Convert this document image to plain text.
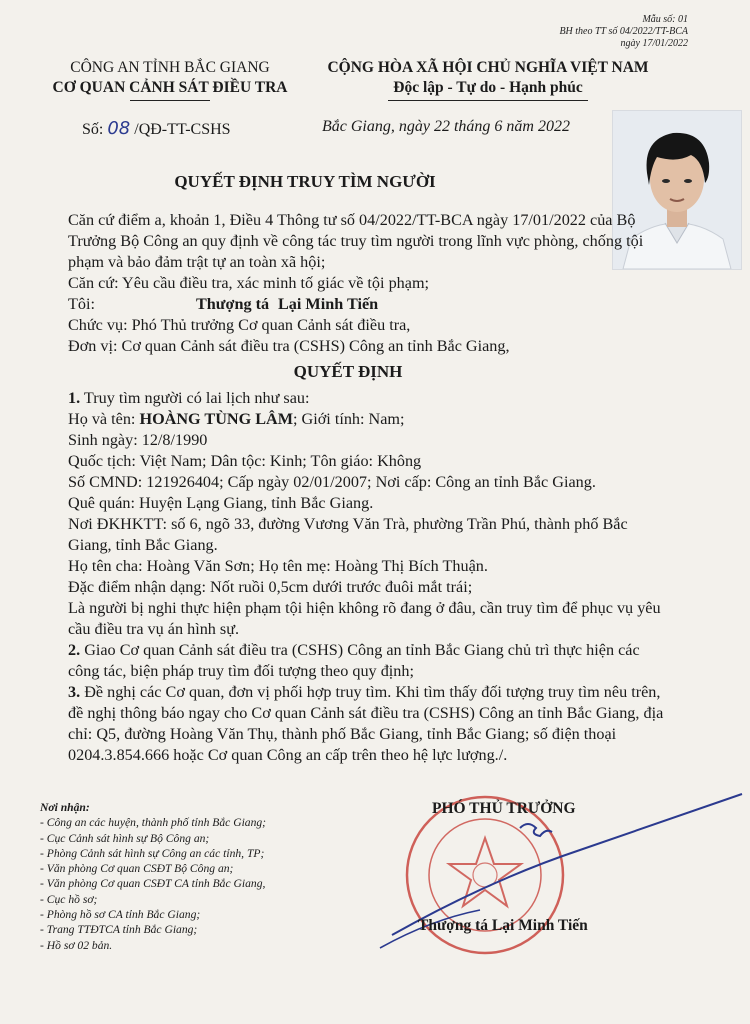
Mẫu số: 01
BH theo TT số 04/2022/TT-BCA
ngày 17/01/2022
CÔNG AN TỈNH BẮC GIANG
CƠ QUAN CẢNH SÁT ĐIỀU TRA
CỘNG HÒA XÃ HỘI CHỦ NGHĨA VIỆT NAM
Độc lập - Tự do - Hạnh phúc
Số: 08 /QĐ-TT-CSHS	Bắc Giang, ngày 22 tháng 6 năm 2022
QUYẾT ĐỊNH TRUY TÌM NGƯỜI

Căn cứ điểm a, khoản 1, Điều 4 Thông tư số 04/2022/TT-BCA ngày 17/01/2022 của Bộ Trưởng Bộ Công an quy định về công tác truy tìm người trong lĩnh vực phòng, chống tội phạm và bảo đảm trật tự an toàn xã hội;

Căn cứ: Yêu cầu điều tra, xác minh tố giác về tội phạm;

Tôi:	Thượng tá Lại Minh Tiến

Chức vụ: Phó Thủ trưởng Cơ quan Cảnh sát điều tra,

Đơn vị: Cơ quan Cảnh sát điều tra (CSHS) Công an tỉnh Bắc Giang,

QUYẾT ĐỊNH

1. Truy tìm người có lai lịch như sau:

Họ và tên: HOÀNG TÙNG LÂM; Giới tính: Nam;

Sinh ngày: 12/8/1990

Quốc tịch: Việt Nam; Dân tộc: Kinh; Tôn giáo: Không

Số CMND: 121926404; Cấp ngày 02/01/2007; Nơi cấp: Công an tỉnh Bắc Giang.

Quê quán: Huyện Lạng Giang, tỉnh Bắc Giang.

Nơi ĐKHKTT: số 6, ngõ 33, đường Vương Văn Trà, phường Trần Phú, thành phố Bắc Giang, tỉnh Bắc Giang.

Họ tên cha: Hoàng Văn Sơn; Họ tên mẹ: Hoàng Thị Bích Thuận.

Đặc điểm nhận dạng: Nốt ruồi 0,5cm dưới trước đuôi mắt trái;

Là người bị nghi thực hiện phạm tội hiện không rõ đang ở đâu, cần truy tìm để phục vụ yêu cầu điều tra vụ án hình sự.

2. Giao Cơ quan Cảnh sát điều tra (CSHS) Công an tỉnh Bắc Giang chủ trì thực hiện các công tác, biện pháp truy tìm đối tượng theo quy định;

3. Đề nghị các Cơ quan, đơn vị phối hợp truy tìm. Khi tìm thấy đối tượng truy tìm nêu trên, đề nghị thông báo ngay cho Cơ quan Cảnh sát điều tra (CSHS) Công an tỉnh Bắc Giang, địa chỉ: Q5, đường Hoàng Văn Thụ, thành phố Bắc Giang, tỉnh Bắc Giang; số điện thoại 0204.3.854.666 hoặc Cơ quan Công an cấp trên theo hệ lực lượng./.

Nơi nhận:
- Công an các huyện, thành phố tỉnh Bắc Giang;
- Cục Cảnh sát hình sự Bộ Công an;
- Phòng Cảnh sát hình sự Công an các tỉnh, TP;
- Văn phòng Cơ quan CSĐT Bộ Công an;
- Văn phòng Cơ quan CSĐT CA tỉnh Bắc Giang,
- Cục hồ sơ;
- Phòng hồ sơ CA tỉnh Bắc Giang;
- Trang TTĐTCA tỉnh Bắc Giang;
- Hồ sơ 02 bản.
PHÓ THỦ TRƯỞNG
Thượng tá Lại Minh Tiến
